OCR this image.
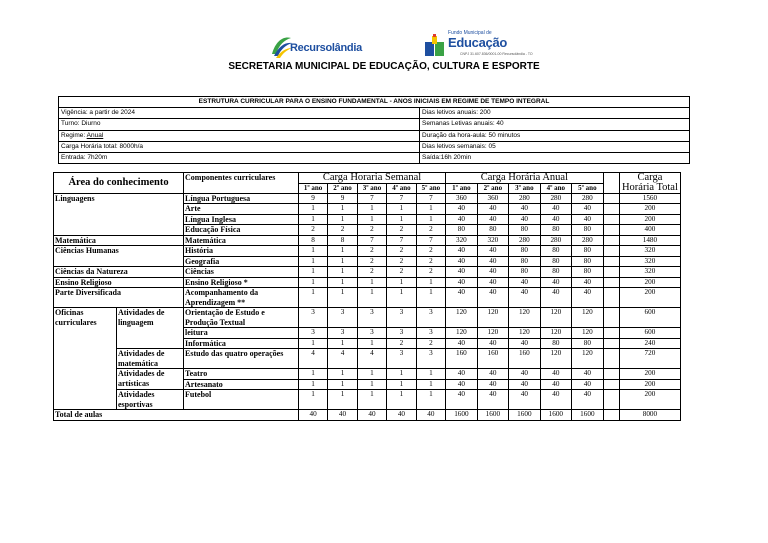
Recursolândia
Fundo Municipal de
Educação
CNPJ 31.607.836/0001-00 Recursolândia - TO
SECRETARIA MUNICIPAL DE EDUCAÇÃO, CULTURA E ESPORTE
ESTRUTURA CURRICULAR PARA O ENSINO FUNDAMENTAL - ANOS INICIAIS EM REGIME DE TEMPO INTEGRAL	
Vigência: a partir de 2024	Dias letivos anuais: 200
Turno: Diurno	Semanas Letivas anuais: 40
Regime: Anual	Duração da hora-aula: 50 minutos
Carga Horária total: 8000h/a	Dias letivos semanais: 05
Entrada: 7h20m	Saída:16h 20min
Área do conhecimento		Componentes curriculares	Carga Horaria Semanal					Carga Horária Anual						Carga Horária Total
			1º ano	2º ano	3º ano	4º ano	5º ano	1º ano	2º ano	3º ano	4º ano	5º ano		
Linguagens		Língua Portuguesa	9	9	7	7	7	360	360	280	280	280		1560
		Arte	1	1	1	1	1	40	40	40	40	40		200
		Língua Inglesa	1	1	1	1	1	40	40	40	40	40		200
		Educação Física	2	2	2	2	2	80	80	80	80	80		400
Matemática		Matemática	8	8	7	7	7	320	320	280	280	280		1480
Ciências Humanas		História	1	1	2	2	2	40	40	80	80	80		320
		Geografia	1	1	2	2	2	40	40	80	80	80		320
Ciências da Natureza		Ciências	1	1	2	2	2	40	40	80	80	80		320
Ensino Religioso		Ensino Religioso *	1	1	1	1	1	40	40	40	40	40		200
Parte Diversificada		Acompanhamento da Aprendizagem **	1	1	1	1	1	40	40	40	40	40		200
Oficinas curriculares	Atividades de linguagem	Orientação de Estudo e Produção Textual	3	3	3	3	3	120	120	120	120	120		600
		leitura	3	3	3	3	3	120	120	120	120	120		600
		Informática	1	1	1	2	2	40	40	40	80	80		240
	Atividades de matemática	Estudo das quatro operações	4	4	4	3	3	160	160	160	120	120		720
	Atividades de artísticas	Teatro	1	1	1	1	1	40	40	40	40	40		200
		Artesanato	1	1	1	1	1	40	40	40	40	40		200
	Atividades esportivas	Futebol	1	1	1	1	1	40	40	40	40	40		200
Total de aulas			40	40	40	40	40	1600	1600	1600	1600	1600		8000
